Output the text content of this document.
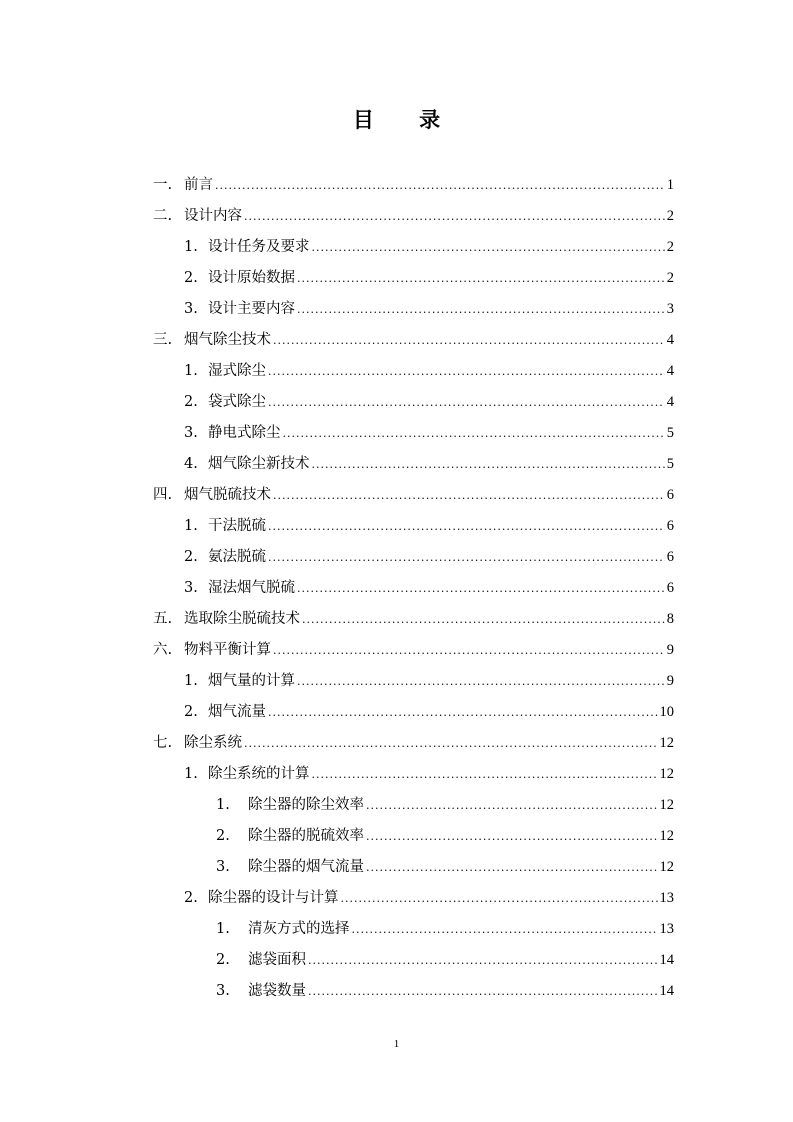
目 录
一. 前言 .....	1
二. 设计内容 .....	2
1. 设计任务及要求 .....	2
2. 设计原始数据 .....	2
3. 设计主要内容 .....	3
三. 烟气除尘技术 .....	4
1. 湿式除尘 .....	4
2. 袋式除尘 .....	4
3. 静电式除尘 .....	5
4. 烟气除尘新技术 .....	5
四. 烟气脱硫技术 .....	6
1. 干法脱硫 .....	6
2. 氨法脱硫 .....	6
3. 湿法烟气脱硫 .....	6
五. 选取除尘脱硫技术 .....	8
六. 物料平衡计算 .....	9
1. 烟气量的计算 .....	9
2. 烟气流量 .....	10
七. 除尘系统 .....	12
1. 除尘系统的计算 .....	12
1.	除尘器的除尘效率 .....	12
2.	除尘器的脱硫效率 .....	12
3.	除尘器的烟气流量 .....	12
2. 除尘器的设计与计算 .....	13
1.	清灰方式的选择 .....	13
2.	滤袋面积 .....	14
3.	滤袋数量 .....	14
1
